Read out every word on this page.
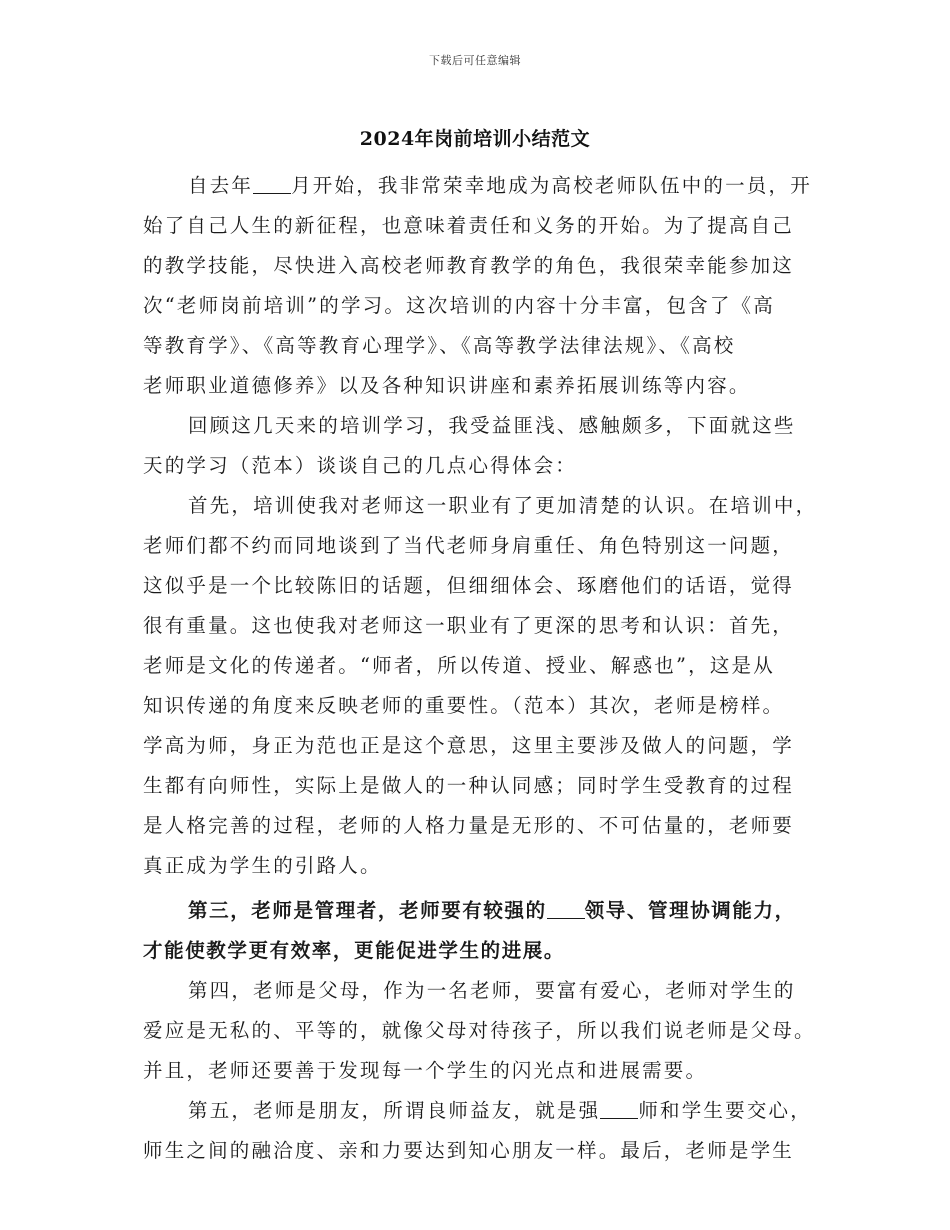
下载后可任意编辑
2024年岗前培训小结范文
自去年 月开始，我非常荣幸地成为高校老师队伍中的一员，开
始了自己人生的新征程，也意味着责任和义务的开始。为了提高自己
的教学技能，尽快进入高校老师教育教学的角色，我很荣幸能参加这
次“老师岗前培训”的学习。这次培训的内容十分丰富，包含了《高
等教育学》、《高等教育心理学》、《高等教学法律法规》、《高校
老师职业道德修养》以及各种知识讲座和素养拓展训练等内容。
回顾这几天来的培训学习，我受益匪浅、感触颇多，下面就这些
天的学习（范本）谈谈自己的几点心得体会：
首先，培训使我对老师这一职业有了更加清楚的认识。在培训中，
老师们都不约而同地谈到了当代老师身肩重任、角色特别这一问题，
这似乎是一个比较陈旧的话题，但细细体会、琢磨他们的话语，觉得
很有重量。这也使我对老师这一职业有了更深的思考和认识：首先，
老师是文化的传递者。“师者，所以传道、授业、解惑也”，这是从
知识传递的角度来反映老师的重要性。（范本）其次，老师是榜样。
学高为师，身正为范也正是这个意思，这里主要涉及做人的问题，学
生都有向师性，实际上是做人的一种认同感；同时学生受教育的过程
是人格完善的过程，老师的人格力量是无形的、不可估量的，老师要
真正成为学生的引路人。
第三，老师是管理者，老师要有较强的 领导、管理协调能力，
才能使教学更有效率，更能促进学生的进展。
第四，老师是父母，作为一名老师，要富有爱心，老师对学生的
爱应是无私的、平等的，就像父母对待孩子，所以我们说老师是父母。
并且，老师还要善于发现每一个学生的闪光点和进展需要。
第五，老师是朋友，所谓良师益友，就是强 师和学生要交心，
师生之间的融洽度、亲和力要达到知心朋友一样。最后，老师是学生
